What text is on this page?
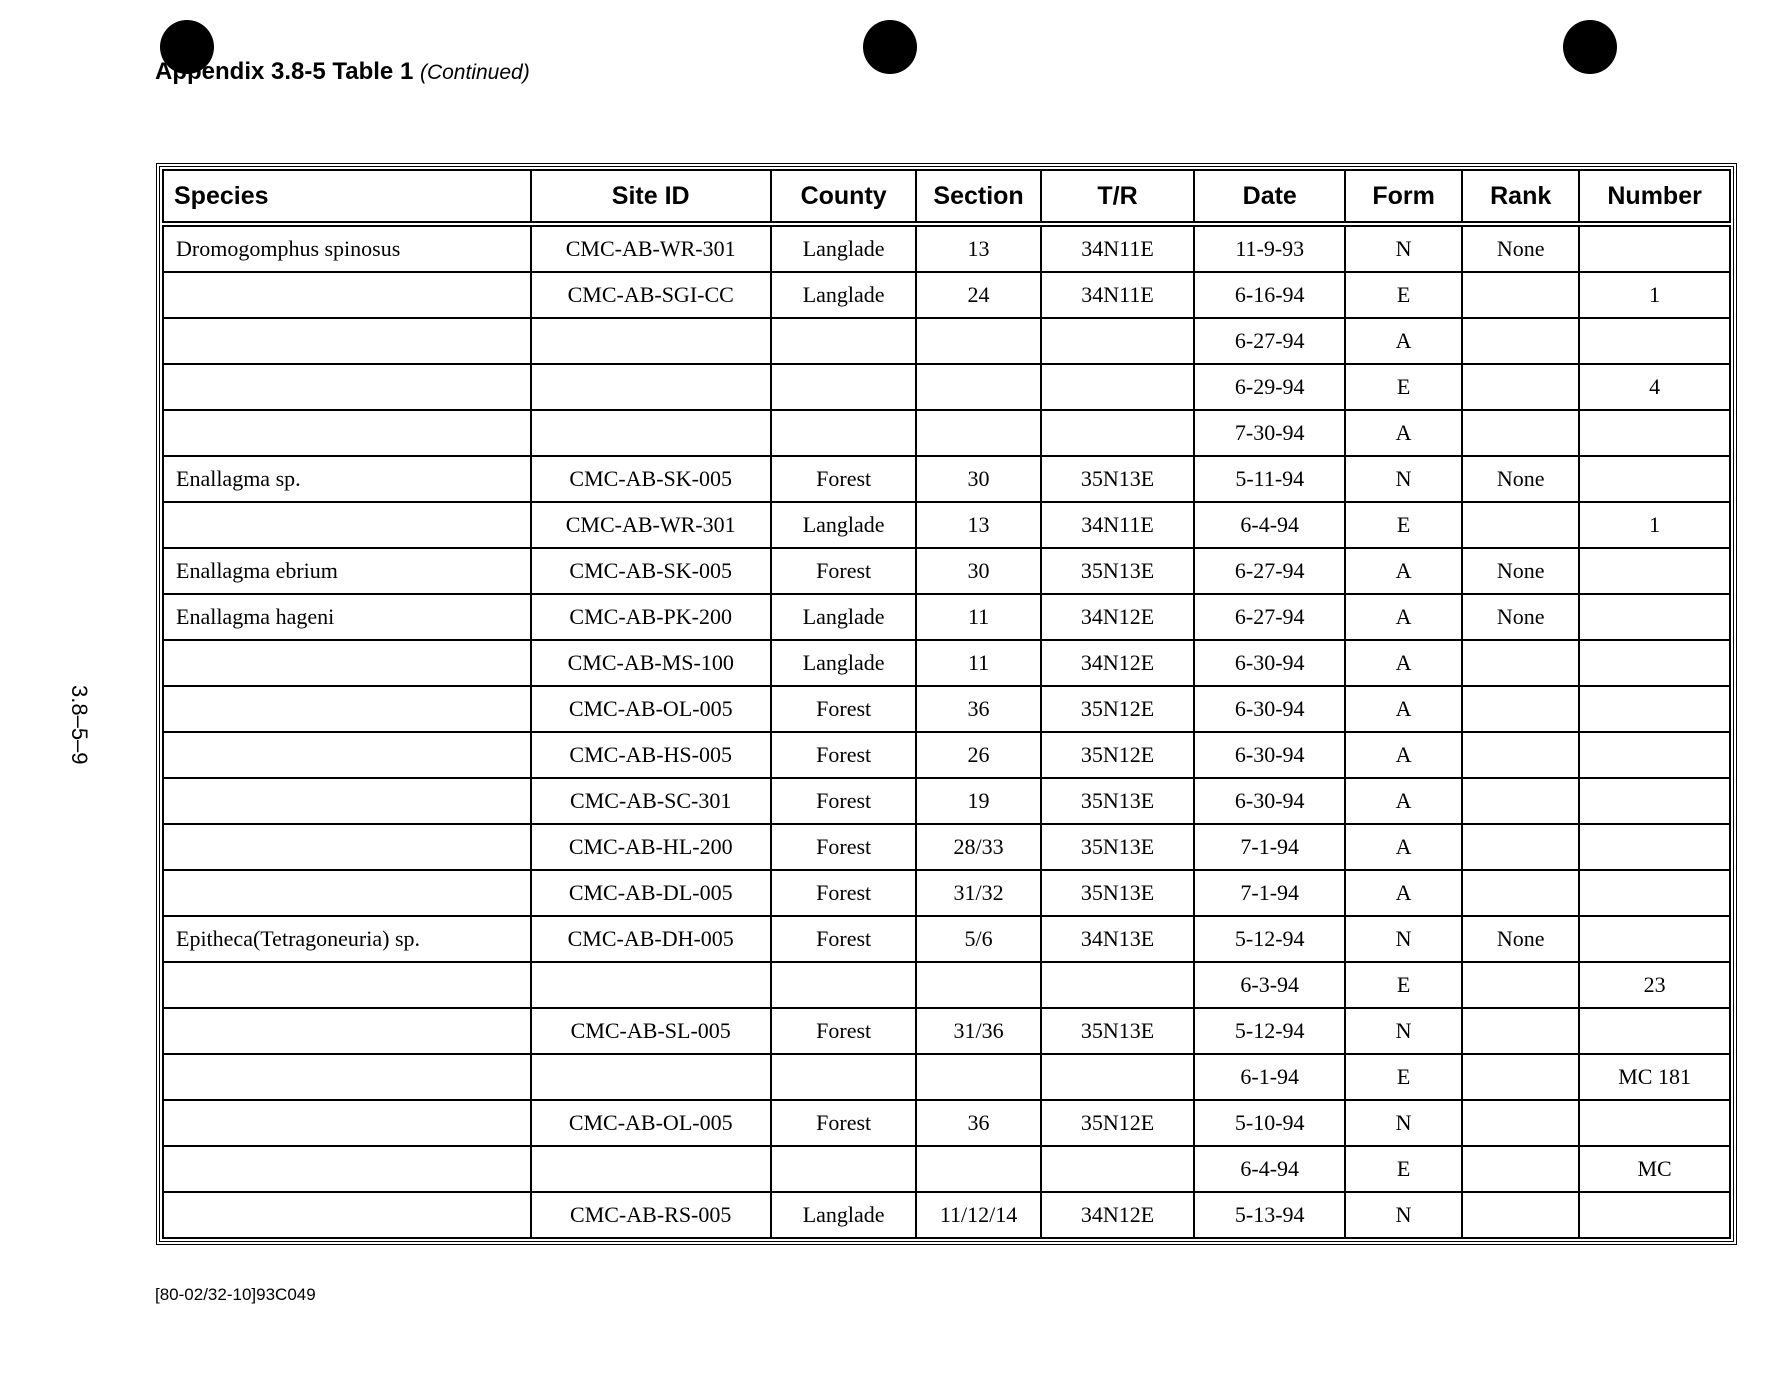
Appendix 3.8-5 Table 1 (Continued)
3.8–5–9
Species	Site ID	County	Section	T/R	Date	Form	Rank	Number
Dromogomphus spinosus	CMC-AB-WR-301	Langlade	13	34N11E	11-9-93	N	None	
	CMC-AB-SGI-CC	Langlade	24	34N11E	6-16-94	E		1
					6-27-94	A		
					6-29-94	E		4
					7-30-94	A		
Enallagma sp.	CMC-AB-SK-005	Forest	30	35N13E	5-11-94	N	None	
	CMC-AB-WR-301	Langlade	13	34N11E	6-4-94	E		1
Enallagma ebrium	CMC-AB-SK-005	Forest	30	35N13E	6-27-94	A	None	
Enallagma hageni	CMC-AB-PK-200	Langlade	11	34N12E	6-27-94	A	None	
	CMC-AB-MS-100	Langlade	11	34N12E	6-30-94	A		
	CMC-AB-OL-005	Forest	36	35N12E	6-30-94	A		
	CMC-AB-HS-005	Forest	26	35N12E	6-30-94	A		
	CMC-AB-SC-301	Forest	19	35N13E	6-30-94	A		
	CMC-AB-HL-200	Forest	28/33	35N13E	7-1-94	A		
	CMC-AB-DL-005	Forest	31/32	35N13E	7-1-94	A		
Epitheca(Tetragoneuria) sp.	CMC-AB-DH-005	Forest	5/6	34N13E	5-12-94	N	None	
					6-3-94	E		23
	CMC-AB-SL-005	Forest	31/36	35N13E	5-12-94	N		
					6-1-94	E		MC 181
	CMC-AB-OL-005	Forest	36	35N12E	5-10-94	N		
					6-4-94	E		MC
	CMC-AB-RS-005	Langlade	11/12/14	34N12E	5-13-94	N		
[80-02/32-10]93C049
